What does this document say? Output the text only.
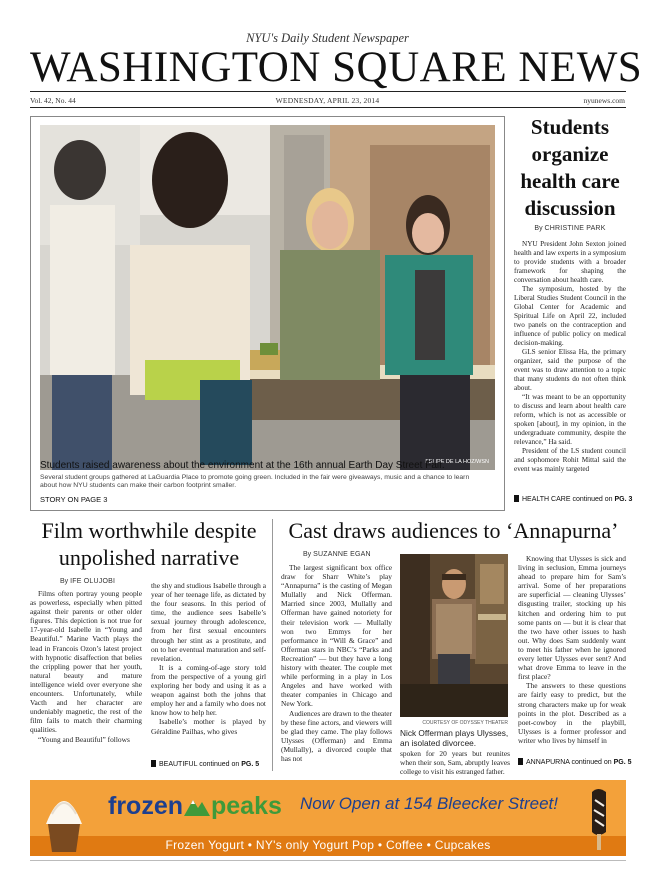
NYU's Daily Student Newspaper
WASHINGTON SQUARE NEWS
Vol. 42, No. 44	WEDNESDAY, APRIL 23, 2014	nyunews.com
FELIPE DE LA HOZ/WSN
Students raised awareness about the environment at the 16th annual Earth Day Street Fair.
Several student groups gathered at LaGuardia Place to promote going green. Included in the fair were giveaways, music and a chance to learn about how NYU students can make their carbon footprint smaller.
STORY ON PAGE 3
Students organize health care discussion
By CHRISTINE PARK

NYU President John Sexton joined health and law experts in a symposium to provide students with a broader framework for shaping the conversation about health care.

The symposium, hosted by the Liberal Studies Student Council in the Global Center for Academic and Spiritual Life on April 22, included two panels on the contraception and influence of public policy on medical decision-making.

GLS senior Elissa Ha, the primary organizer, said the purpose of the event was to draw attention to a topic that many students do not often think about.

“It was meant to be an opportunity to discuss and learn about health care reform, which is not as accessible or spoken [about], in my opinion, in the undergraduate community, despite the relevance,” Ha said.

President of the LS student council and sophomore Rohit Mittal said the event was mainly targeted

HEALTH CARE continued on PG. 3
Film worthwhile despite unpolished narrative
By IFE OLUJOBI

Films often portray young people as powerless, especially when pitted against their parents or other older figures. This depiction is not true for 17-year-old Isabelle in “Young and Beautiful.” Marine Vacth plays the lead in Francois Ozon’s latest project with hypnotic disaffection that belies the crippling power that her youth, natural beauty and mature intelligence wield over everyone she encounters. Unfortunately, while Vacth and her character are undeniably magnetic, the rest of the film fails to match their charming qualities.

“Young and Beautiful” follows

the shy and studious Isabelle through a year of her teenage life, as dictated by the four seasons. In this period of time, the audience sees Isabelle’s sexual journey through adolescence, from her first sexual encounters through her stint as a prostitute, and on to her eventual maturation and self-revelation.

It is a coming-of-age story told from the perspective of a young girl exploring her body and using it as a weapon against both the johns that employ her and a family who does not know how to help her.

Isabelle’s mother is played by Géraldine Pailhas, who gives

BEAUTIFUL continued on PG. 5
Cast draws audiences to ‘Annapurna’
By SUZANNE EGAN

The largest significant box office draw for Sharr White’s play “Annapurna” is the casting of Megan Mullally and Nick Offerman. Married since 2003, Mullally and Offerman have gained notoriety for their television work — Mullally won two Emmys for her performance in “Will & Grace” and Offerman stars in NBC’s “Parks and Recreation” — but they have a long history with theater. The couple met while performing in a play in Los Angeles and have worked with theater companies in Chicago and New York.

Audiences are drawn to the theater by these fine actors, and viewers will be glad they came. The play follows Ulysses (Offerman) and Emma (Mullally), a divorced couple that has not

COURTESY OF ODYSSEY THEATER
Nick Offerman plays Ulysses, an isolated divorcee.

spoken for 20 years but reunites when their son, Sam, abruptly leaves college to visit his estranged father.

Knowing that Ulysses is sick and living in seclusion, Emma journeys ahead to prepare him for Sam’s arrival. Some of her preparations are superficial — cleaning Ulysses’ disgusting trailer, stocking up his kitchen and ordering him to put some pants on — but it is clear that the two have other issues to hash out. Why does Sam suddenly want to meet his father when he ignored every letter Ulysses ever sent? And what drove Emma to leave in the first place?

The answers to these questions are fairly easy to predict, but the strong characters make up for weak points in the plot. Described as a poet-cowboy in the playbill, Ulysses is a former professor and writer who lives by himself in

ANNAPURNA continued on PG. 5
frozen peaks Now Open at 154 Bleecker Street!
Frozen Yogurt • NY's only Yogurt Pop • Coffee • Cupcakes
